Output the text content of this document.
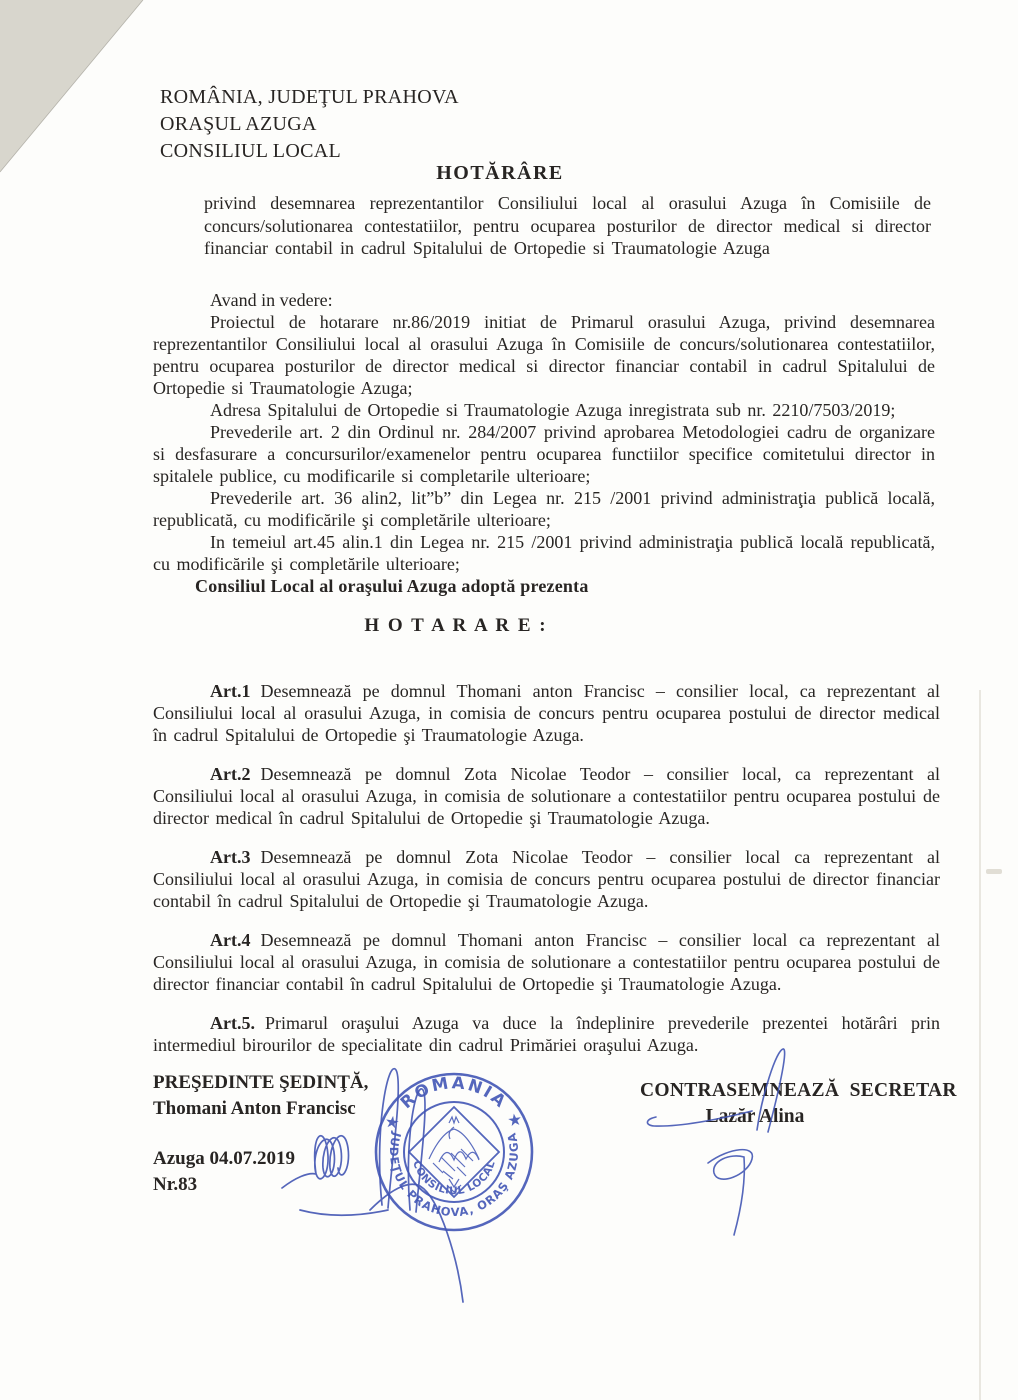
ROMÂNIA, JUDEŢUL PRAHOVA
ORAŞUL AZUGA
CONSILIUL LOCAL
HOTĂRÂRE

privind desemnarea reprezentantilor Consiliului local al orasului Azuga în Comisiile de concurs/solutionarea contestatiilor, pentru ocuparea posturilor de director medical si director financiar contabil in cadrul Spitalului de Ortopedie si Traumatologie Azuga

Avand in vedere:

Proiectul de hotarare nr.86/2019 initiat de Primarul orasului Azuga, privind desemnarea reprezentantilor Consiliului local al orasului Azuga în Comisiile de concurs/solutionarea contestatiilor, pentru ocuparea posturilor de director medical si director financiar contabil in cadrul Spitalului de Ortopedie si Traumatologie Azuga;

Adresa Spitalului de Ortopedie si Traumatologie Azuga inregistrata sub nr. 2210/7503/2019;

Prevederile art. 2 din Ordinul nr. 284/2007 privind aprobarea Metodologiei cadru de organizare si desfasurare a concursurilor/examenelor pentru ocuparea functiilor specifice comitetului director in spitalele publice, cu modificarile si completarile ulterioare;

Prevederile art. 36 alin2, lit”b” din Legea nr. 215 /2001 privind administraţia publică locală, republicată, cu modificările şi completările ulterioare;

In temeiul art.45 alin.1 din Legea nr. 215 /2001 privind administraţia publică locală republicată, cu modificările şi completările ulterioare;

Consiliul Local al oraşului Azuga adoptă prezenta

H O T A R A R E :

Art.1 Desemnează pe domnul Thomani anton Francisc – consilier local, ca reprezentant al Consiliului local al orasului Azuga, in comisia de concurs pentru ocuparea postului de director medical în cadrul Spitalului de Ortopedie şi Traumatologie Azuga.

Art.2 Desemnează pe domnul Zota Nicolae Teodor – consilier local, ca reprezentant al Consiliului local al orasului Azuga, in comisia de solutionare a contestatiilor pentru ocuparea postului de director medical în cadrul Spitalului de Ortopedie şi Traumatologie Azuga.

Art.3 Desemnează pe domnul Zota Nicolae Teodor – consilier local ca reprezentant al Consiliului local al orasului Azuga, in comisia de concurs pentru ocuparea postului de director financiar contabil în cadrul Spitalului de Ortopedie şi Traumatologie Azuga.

Art.4 Desemnează pe domnul Thomani anton Francisc – consilier local ca reprezentant al Consiliului local al orasului Azuga, in comisia de solutionare a contestatiilor pentru ocuparea postului de director financiar contabil în cadrul Spitalului de Ortopedie şi Traumatologie Azuga.

Art.5. Primarul oraşului Azuga va duce la îndeplinire prevederile prezentei hotărâri prin intermediul birourilor de specialitate din cadrul Primăriei oraşului Azuga.

PREŞEDINTE ŞEDINŢĂ,
Thomani Anton Francisc
Azuga 04.07.2019
Nr.83
CONTRASEMNEAZĂ  SECRETAR
Lazăr Alina
★ ROMÂNIA ★
JUDEŢUL PRAHOVA, ORAŞ AZUGA
CONSILIUL LOCAL
